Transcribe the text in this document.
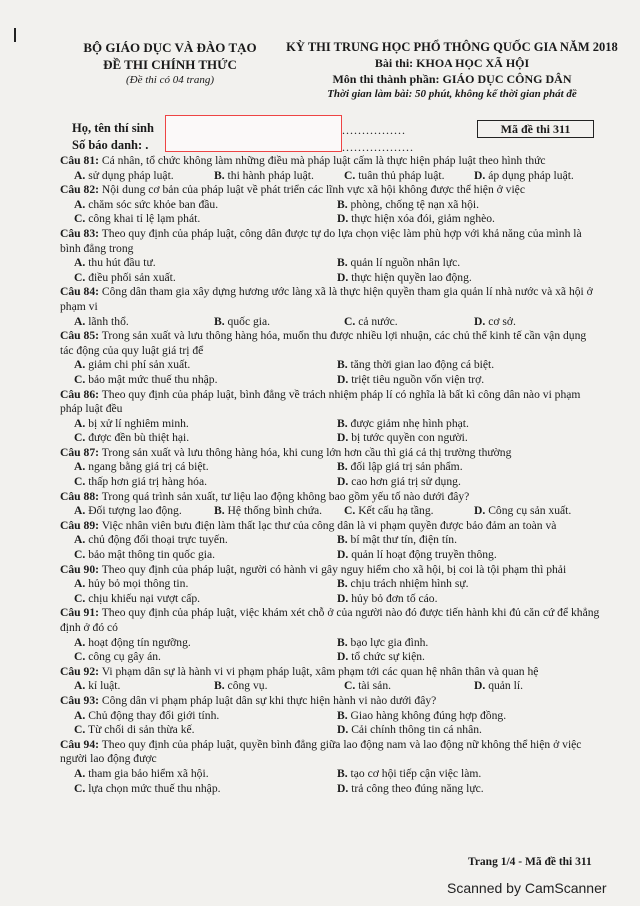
BỘ GIÁO DỤC VÀ ĐÀO TẠO
ĐỀ THI CHÍNH THỨC
(Đề thi có 04 trang)
KỲ THI TRUNG HỌC PHỔ THÔNG QUỐC GIA NĂM 2018
Bài thi: KHOA HỌC XÃ HỘI
Môn thi thành phần: GIÁO DỤC CÔNG DÂN
Thời gian làm bài: 50 phút, không kể thời gian phát đề
Họ, tên thí sinh
Số báo danh: .
................
..................
Mã đề thi 311
Câu 81: Cá nhân, tổ chức không làm những điều mà pháp luật cấm là thực hiện pháp luật theo hình thức
A. sử dụng pháp luật.	B. thi hành pháp luật.	C. tuân thủ pháp luật.	D. áp dụng pháp luật.
Câu 82: Nội dung cơ bản của pháp luật về phát triển các lĩnh vực xã hội không được thể hiện ở việc
A. chăm sóc sức khỏe ban đầu.	B. phòng, chống tệ nạn xã hội.
C. công khai tỉ lệ lạm phát.	D. thực hiện xóa đói, giảm nghèo.
Câu 83: Theo quy định của pháp luật, công dân được tự do lựa chọn việc làm phù hợp với khả năng của mình là bình đẳng trong
A. thu hút đầu tư.	B. quản lí nguồn nhân lực.
C. điều phối sản xuất.	D. thực hiện quyền lao động.
Câu 84: Công dân tham gia xây dựng hương ước làng xã là thực hiện quyền tham gia quản lí nhà nước và xã hội ở phạm vi
A. lãnh thổ.	B. quốc gia.	C. cả nước.	D. cơ sở.
Câu 85: Trong sản xuất và lưu thông hàng hóa, muốn thu được nhiều lợi nhuận, các chủ thể kinh tế cần vận dụng tác động của quy luật giá trị để
A. giảm chi phí sản xuất.	B. tăng thời gian lao động cá biệt.
C. bảo mật mức thuế thu nhập.	D. triệt tiêu nguồn vốn viện trợ.
Câu 86: Theo quy định của pháp luật, bình đẳng về trách nhiệm pháp lí có nghĩa là bất kì công dân nào vi phạm pháp luật đều
A. bị xử lí nghiêm minh.	B. được giảm nhẹ hình phạt.
C. được đền bù thiệt hại.	D. bị tước quyền con người.
Câu 87: Trong sản xuất và lưu thông hàng hóa, khi cung lớn hơn cầu thì giá cả thị trường thường
A. ngang bằng giá trị cá biệt.	B. đối lập giá trị sản phẩm.
C. thấp hơn giá trị hàng hóa.	D. cao hơn giá trị sử dụng.
Câu 88: Trong quá trình sản xuất, tư liệu lao động không bao gồm yếu tố nào dưới đây?
A. Đối tượng lao động.	B. Hệ thống bình chứa.	C. Kết cấu hạ tầng.	D. Công cụ sản xuất.
Câu 89: Việc nhân viên bưu điện làm thất lạc thư của công dân là vi phạm quyền được bảo đảm an toàn và
A. chủ động đối thoại trực tuyến.	B. bí mật thư tín, điện tín.
C. bảo mật thông tin quốc gia.	D. quản lí hoạt động truyền thông.
Câu 90: Theo quy định của pháp luật, người có hành vi gây nguy hiểm cho xã hội, bị coi là tội phạm thì phải
A. hủy bỏ mọi thông tin.	B. chịu trách nhiệm hình sự.
C. chịu khiếu nại vượt cấp.	D. hủy bỏ đơn tố cáo.
Câu 91: Theo quy định của pháp luật, việc khám xét chỗ ở của người nào đó được tiến hành khi đủ căn cứ để khẳng định ở đó có
A. hoạt động tín ngưỡng.	B. bạo lực gia đình.
C. công cụ gây án.	D. tổ chức sự kiện.
Câu 92: Vi phạm dân sự là hành vi vi phạm pháp luật, xâm phạm tới các quan hệ nhân thân và quan hệ
A. kỉ luật.	B. công vụ.	C. tài sản.	D. quản lí.
Câu 93: Công dân vi phạm pháp luật dân sự khi thực hiện hành vi nào dưới đây?
A. Chủ động thay đổi giới tính.	B. Giao hàng không đúng hợp đồng.
C. Từ chối di sản thừa kế.	D. Cải chính thông tin cá nhân.
Câu 94: Theo quy định của pháp luật, quyền bình đẳng giữa lao động nam và lao động nữ không thể hiện ở việc người lao động được
A. tham gia bảo hiểm xã hội.	B. tạo cơ hội tiếp cận việc làm.
C. lựa chọn mức thuế thu nhập.	D. trả công theo đúng năng lực.
Trang 1/4 - Mã đề thi 311
Scanned by CamScanner
